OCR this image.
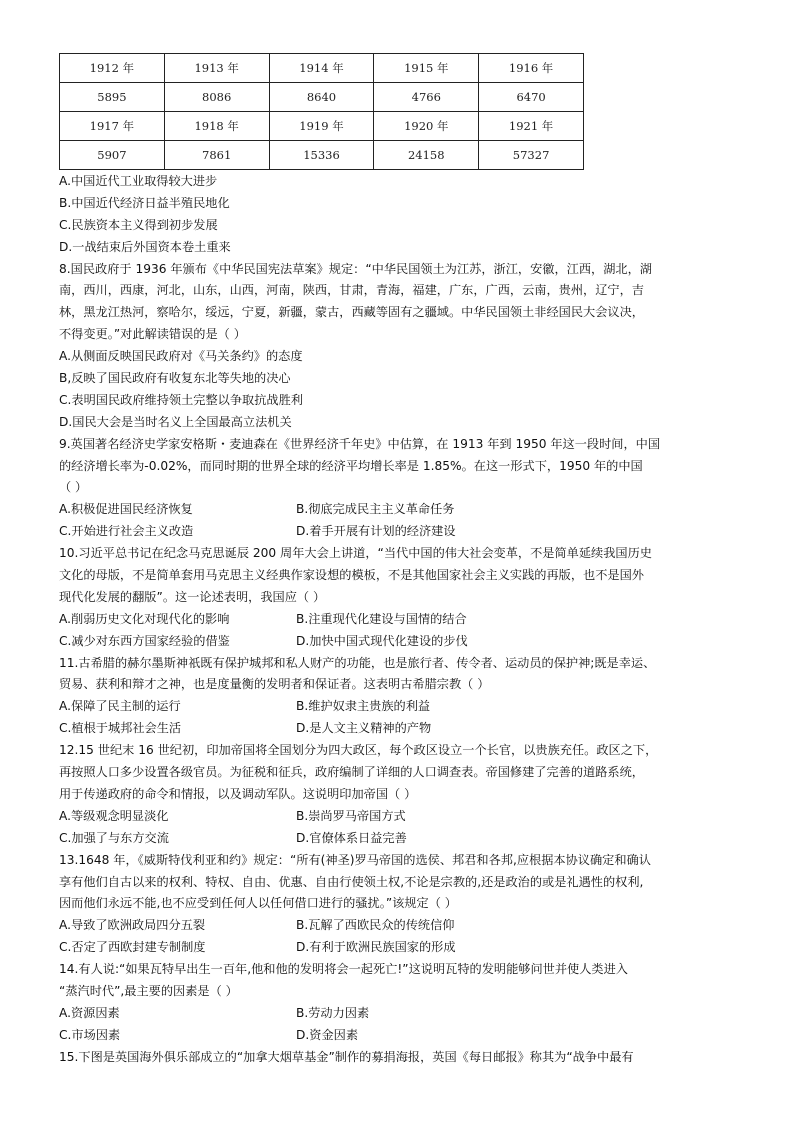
1912 年	1913 年	1914 年	1915 年	1916 年
5895	8086	8640	4766	6470
1917 年	1918 年	1919 年	1920 年	1921 年
5907	7861	15336	24158	57327
A.中国近代工业取得较大进步
B.中国近代经济日益半殖民地化
C.民族资本主义得到初步发展
D.一战结束后外国资本卷土重来
8.国民政府于 1936 年颁布《中华民国宪法草案》规定：“中华民国领土为江苏，浙江，安徽，江西，湖北，湖
南，西川，西康，河北，山东，山西，河南，陕西，甘肃，青海，福建，广东，广西，云南，贵州，辽宁，吉
林，黑龙江热河，察哈尔，绥远，宁夏，新疆，蒙古，西藏等固有之疆域。中华民国领土非经国民大会议决，
不得变更。”对此解读错误的是（ ）
A.从侧面反映国民政府对《马关条约》的态度
B,反映了国民政府有收复东北等失地的决心
C.表明国民政府维持领土完整以争取抗战胜利
D.国民大会是当时名义上全国最高立法机关
9.英国著名经济史学家安格斯・麦迪森在《世界经济千年史》中估算，在 1913 年到 1950 年这一段时间，中国
的经济增长率为-0.02%，而同时期的世界全球的经济平均增长率是 1.85%。在这一形式下，1950 年的中国
（ ）
A.积极促进国民经济恢复	B.彻底完成民主主义革命任务
C.开始进行社会主义改造	D.着手开展有计划的经济建设
10.习近平总书记在纪念马克思诞辰 200 周年大会上讲道，“当代中国的伟大社会变革，不是简单延续我国历史
文化的母版，不是简单套用马克思主义经典作家设想的模板，不是其他国家社会主义实践的再版，也不是国外
现代化发展的翻版”。这一论述表明，我国应（ ）
A.削弱历史文化对现代化的影响	B.注重现代化建设与国情的结合
C.减少对东西方国家经验的借鉴	D.加快中国式现代化建设的步伐
11.古希腊的赫尔墨斯神祇既有保护城邦和私人财产的功能，也是旅行者、传令者、运动员的保护神;既是幸运、
贸易、获利和辩才之神，也是度量衡的发明者和保证者。这表明古希腊宗教（ ）
A.保障了民主制的运行	B.维护奴隶主贵族的利益
C.植根于城邦社会生活	D.是人文主义精神的产物
12.15 世纪末 16 世纪初，印加帝国将全国划分为四大政区，每个政区设立一个长官，以贵族充任。政区之下，
再按照人口多少设置各级官员。为征税和征兵，政府编制了详细的人口调查表。帝国修建了完善的道路系统，
用于传递政府的命令和情报，以及调动军队。这说明印加帝国（ ）
A.等级观念明显淡化	B.崇尚罗马帝国方式
C.加强了与东方交流	D.官僚体系日益完善
13.1648 年，《威斯特伐利亚和约》规定：“所有(神圣)罗马帝国的选侯、邦君和各邦,应根据本协议确定和确认
享有他们自古以来的权利、特权、自由、优惠、自由行使领土权,不论是宗教的,还是政治的或是礼遇性的权利,
因而他们永远不能,也不应受到任何人以任何借口进行的骚扰。”该规定（ ）
A.导致了欧洲政局四分五裂	B.瓦解了西欧民众的传统信仰
C.否定了西欧封建专制制度	D.有利于欧洲民族国家的形成
14.有人说:“如果瓦特早出生一百年,他和他的发明将会一起死亡!”这说明瓦特的发明能够问世并使人类进入
“蒸汽时代”,最主要的因素是（ ）
A.资源因素	B.劳动力因素
C.市场因素	D.资金因素
15.下图是英国海外俱乐部成立的“加拿大烟草基金”制作的募捐海报，英国《每日邮报》称其为“战争中最有
